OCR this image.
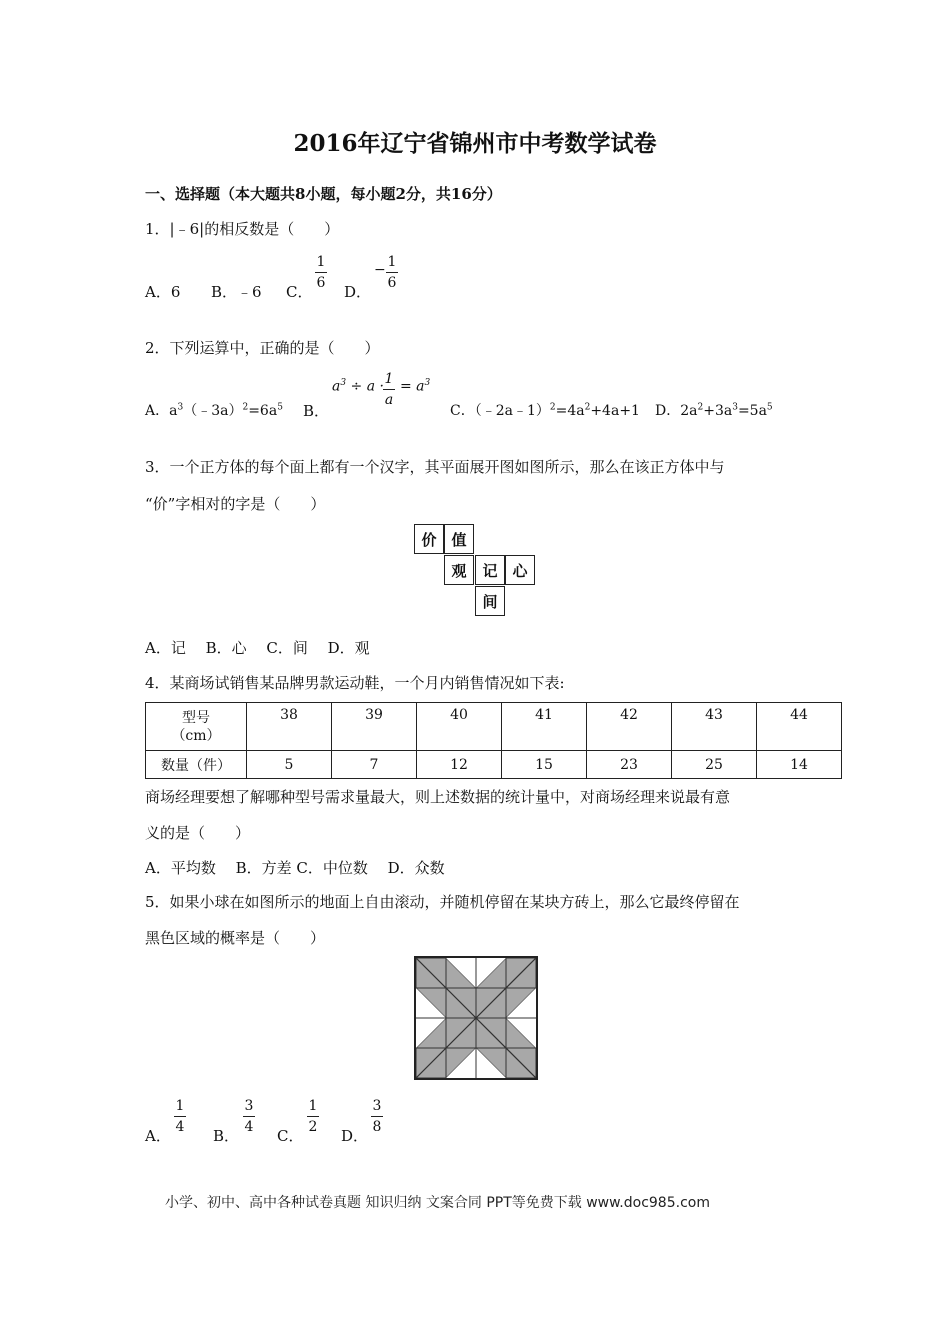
2016年辽宁省锦州市中考数学试卷
一、选择题（本大题共8小题，每小题2分，共16分）
1．|﹣6|的相反数是（　　）
A．6 B．﹣6 C．
1
6 D．
− 1
6
2．下列运算中，正确的是（　　）
A．$a^3(﹣3a)^2=6a^5$ B．
$a^3 \div a \cdot 1$
a
= $a^3$
C．$(﹣2a﹣1)^2=4a^2+4a+1$ D．$2a^2+3a^3=5a^5$
3．一个正方体的每个面上都有一个汉字，其平面展开图如图所示，那么在该正方体中与
“价”字相对的字是（　　）
价 值
观	记 心
间
A．记　 B．心　 C．间　 D．观
4．某商场试销售某品牌男款运动鞋，一个月内销售情况如下表:
型号
（cm）	38	39	40	41	42	43	44
数量（件）	5	7	12	15	23	25	14
商场经理要想了解哪种型号需求量最大，则上述数据的统计量中，对商场经理来说最有意
义的是（　　）
A．平均数　 B．方差 C．中位数　 D．众数
5．如果小球在如图所示的地面上自由滚动，并随机停留在某块方砖上，那么它最终停留在
黑色区域的概率是（　　）
A．
1
4 B．
3
4 C．
1
2 D．
3
8
小学、初中、高中各种试卷真题 知识归纳 文案合同 PPT等免费下载 www.doc985.com
